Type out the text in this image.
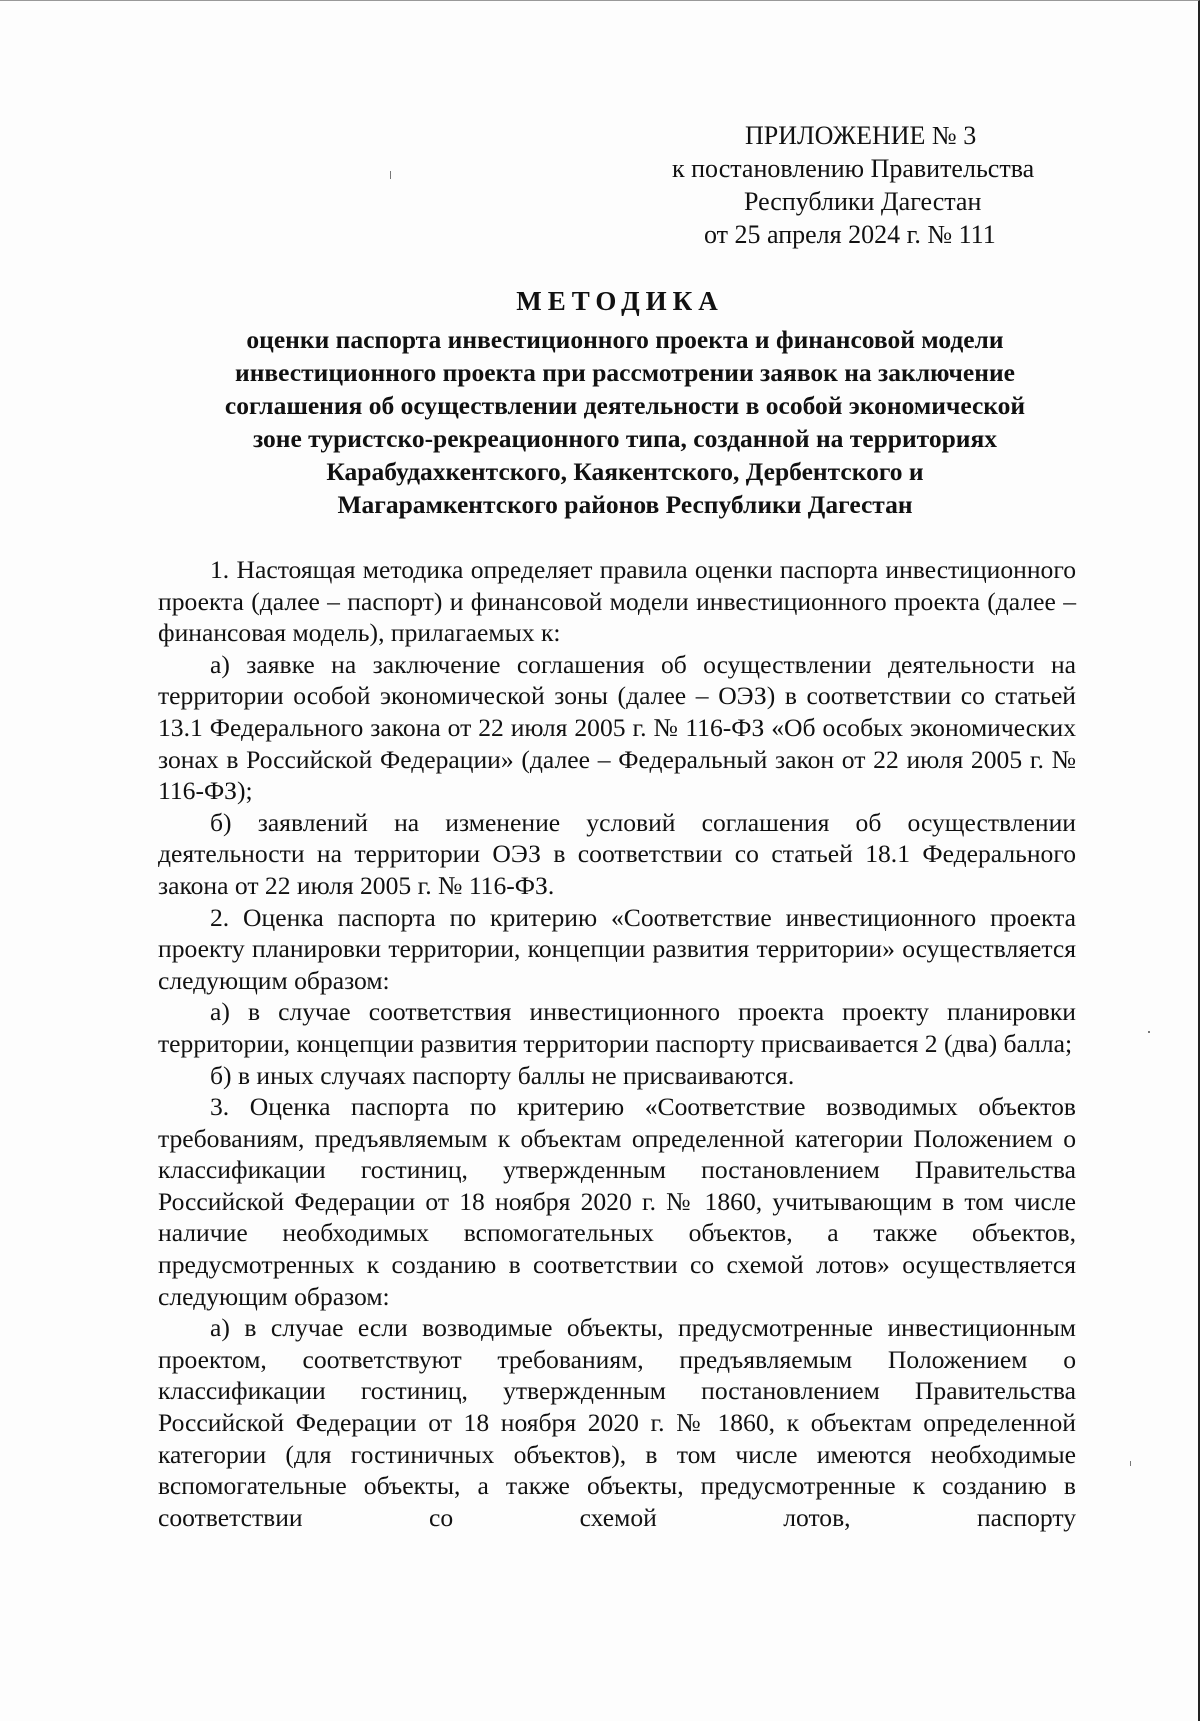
ПРИЛОЖЕНИЕ № 3
к постановлению Правительства
Республики Дагестан
от 25 апреля 2024 г. № 111
МЕТОДИКА
оценки паспорта инвестиционного проекта и финансовой модели
инвестиционного проекта при рассмотрении заявок на заключение
соглашения об осуществлении деятельности в особой экономической
зоне туристско-рекреационного типа, созданной на территориях
Карабудахкентского, Каякентского, Дербентского и
Магарамкентского районов Республики Дагестан

1. Настоящая методика определяет правила оценки паспорта инвестиционного проекта (далее – паспорт) и финансовой модели инвестиционного проекта (далее – финансовая модель), прилагаемых к:

а) заявке на заключение соглашения об осуществлении деятельности на территории особой экономической зоны (далее – ОЭЗ) в соответствии со статьей 13.1 Федерального закона от 22 июля 2005 г. № 116-ФЗ «Об особых экономических зонах в Российской Федерации» (далее – Федеральный закон от 22 июля 2005 г. № 116-ФЗ);

б) заявлений на изменение условий соглашения об осуществлении деятельности на территории ОЭЗ в соответствии со статьей 18.1 Федерального закона от 22 июля 2005 г. № 116-ФЗ.

2. Оценка паспорта по критерию «Соответствие инвестиционного проекта проекту планировки территории, концепции развития территории» осуществляется следующим образом:

а) в случае соответствия инвестиционного проекта проекту планировки территории, концепции развития территории паспорту присваивается 2 (два) балла;

б) в иных случаях паспорту баллы не присваиваются.

3. Оценка паспорта по критерию «Соответствие возводимых объектов требованиям, предъявляемым к объектам определенной категории Положением о классификации гостиниц, утвержденным постановлением Правительства Российской Федерации от 18 ноября 2020 г. № 1860, учитывающим в том числе наличие необходимых вспомогательных объектов, а также объектов, предусмотренных к созданию в соответствии со схемой лотов» осуществляется следующим образом:

а) в случае если возводимые объекты, предусмотренные инвестиционным проектом, соответствуют требованиям, предъявляемым Положением о классификации гостиниц, утвержденным постановлением Правительства Российской Федерации от 18 ноября 2020 г. № 1860, к объектам определенной категории (для гостиничных объектов), в том числе имеются необходимые вспомогательные объекты, а также объекты, предусмотренные к созданию в соответствии со схемой лотов, паспорту
